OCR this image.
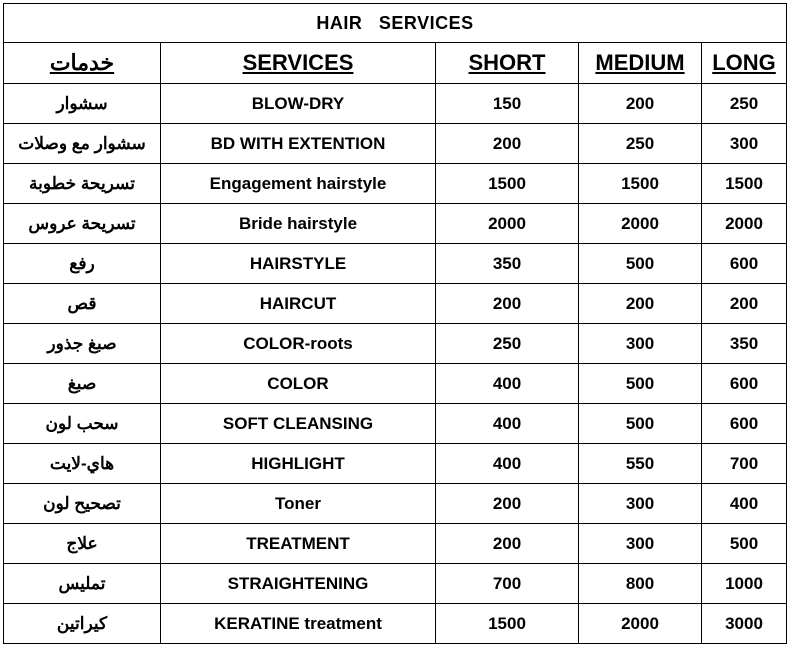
HAIR   SERVICES				
خدمات	SERVICES	SHORT	MEDIUM	LONG
سشوار	BLOW-DRY	150	200	250
سشوار مع وصلات	BD WITH EXTENTION	200	250	300
تسريحة خطوبة	Engagement hairstyle	1500	1500	1500
تسريحة عروس	Bride hairstyle	2000	2000	2000
رفع	HAIRSTYLE	350	500	600
قص	HAIRCUT	200	200	200
صبغ جذور	COLOR-roots	250	300	350
صبغ	COLOR	400	500	600
سحب لون	SOFT CLEANSING	400	500	600
هاي-لايت	HIGHLIGHT	400	550	700
تصحيح لون	Toner	200	300	400
علاج	TREATMENT	200	300	500
تمليس	STRAIGHTENING	700	800	1000
كيراتين	KERATINE treatment	1500	2000	3000
